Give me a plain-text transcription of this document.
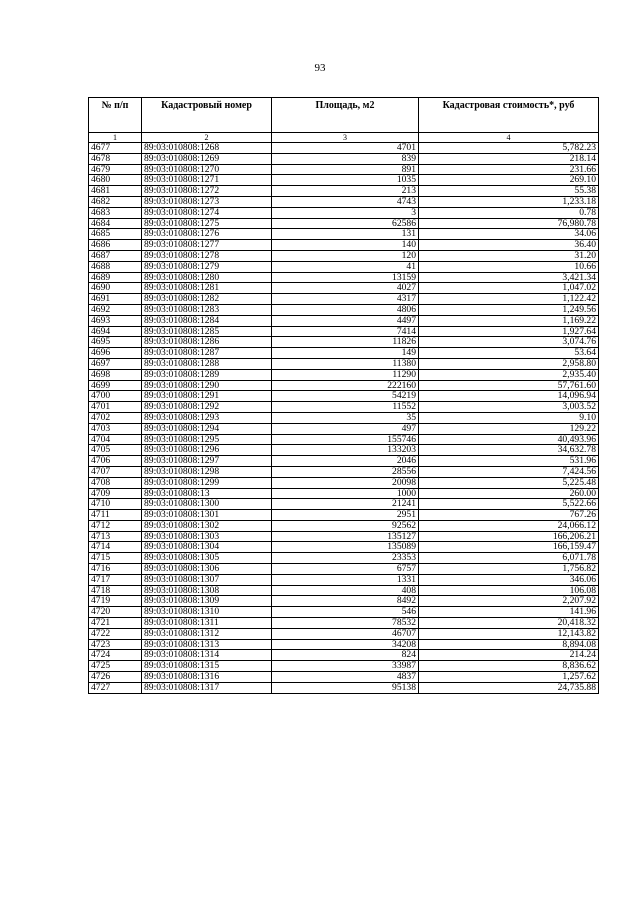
93
№ п/п	Кадастровый номер	Площадь, м2	Кадастровая стоимость*, руб
1	2	3	4
4677	89:03:010808:1268	4701	5,782.23
4678	89:03:010808:1269	839	218.14
4679	89:03:010808:1270	891	231.66
4680	89:03:010808:1271	1035	269.10
4681	89:03:010808:1272	213	55.38
4682	89:03:010808:1273	4743	1,233.18
4683	89:03:010808:1274	3	0.78
4684	89:03:010808:1275	62586	76,980.78
4685	89:03:010808:1276	131	34.06
4686	89:03:010808:1277	140	36.40
4687	89:03:010808:1278	120	31.20
4688	89:03:010808:1279	41	10.66
4689	89:03:010808:1280	13159	3,421.34
4690	89:03:010808:1281	4027	1,047.02
4691	89:03:010808:1282	4317	1,122.42
4692	89:03:010808:1283	4806	1,249.56
4693	89:03:010808:1284	4497	1,169.22
4694	89:03:010808:1285	7414	1,927.64
4695	89:03:010808:1286	11826	3,074.76
4696	89:03:010808:1287	149	53.64
4697	89:03:010808:1288	11380	2,958.80
4698	89:03:010808:1289	11290	2,935.40
4699	89:03:010808:1290	222160	57,761.60
4700	89:03:010808:1291	54219	14,096.94
4701	89:03:010808:1292	11552	3,003.52
4702	89:03:010808:1293	35	9.10
4703	89:03:010808:1294	497	129.22
4704	89:03:010808:1295	155746	40,493.96
4705	89:03:010808:1296	133203	34,632.78
4706	89:03:010808:1297	2046	531.96
4707	89:03:010808:1298	28556	7,424.56
4708	89:03:010808:1299	20098	5,225.48
4709	89:03:010808:13	1000	260.00
4710	89:03:010808:1300	21241	5,522.66
4711	89:03:010808:1301	2951	767.26
4712	89:03:010808:1302	92562	24,066.12
4713	89:03:010808:1303	135127	166,206.21
4714	89:03:010808:1304	135089	166,159.47
4715	89:03:010808:1305	23353	6,071.78
4716	89:03:010808:1306	6757	1,756.82
4717	89:03:010808:1307	1331	346.06
4718	89:03:010808:1308	408	106.08
4719	89:03:010808:1309	8492	2,207.92
4720	89:03:010808:1310	546	141.96
4721	89:03:010808:1311	78532	20,418.32
4722	89:03:010808:1312	46707	12,143.82
4723	89:03:010808:1313	34208	8,894.08
4724	89:03:010808:1314	824	214.24
4725	89:03:010808:1315	33987	8,836.62
4726	89:03:010808:1316	4837	1,257.62
4727	89:03:010808:1317	95138	24,735.88
